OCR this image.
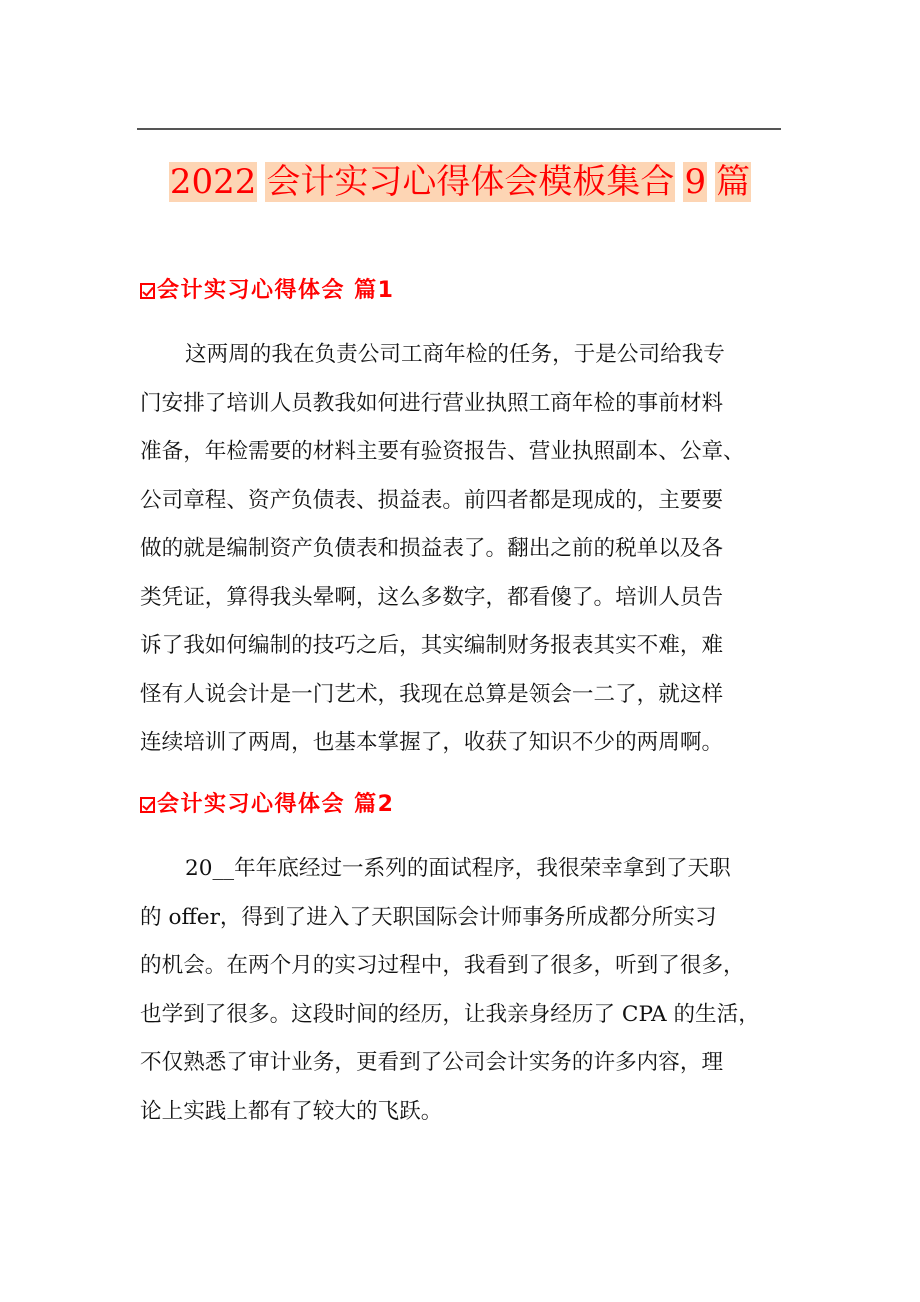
2022 会计实习心得体会模板集合 9 篇
会计实习心得体会 篇1
这两周的我在负责公司工商年检的任务，于是公司给我专
门安排了培训人员教我如何进行营业执照工商年检的事前材料
准备，年检需要的材料主要有验资报告、营业执照副本、公章、
公司章程、资产负债表、损益表。前四者都是现成的，主要要
做的就是编制资产负债表和损益表了。翻出之前的税单以及各
类凭证，算得我头晕啊，这么多数字，都看傻了。培训人员告
诉了我如何编制的技巧之后，其实编制财务报表其实不难，难
怪有人说会计是一门艺术，我现在总算是领会一二了，就这样
连续培训了两周，也基本掌握了，收获了知识不少的两周啊。
会计实习心得体会 篇2
20__年年底经过一系列的面试程序，我很荣幸拿到了天职
的 offer，得到了进入了天职国际会计师事务所成都分所实习
的机会。在两个月的实习过程中，我看到了很多，听到了很多，
也学到了很多。这段时间的经历，让我亲身经历了 CPA 的生活，
不仅熟悉了审计业务，更看到了公司会计实务的许多内容，理
论上实践上都有了较大的飞跃。
